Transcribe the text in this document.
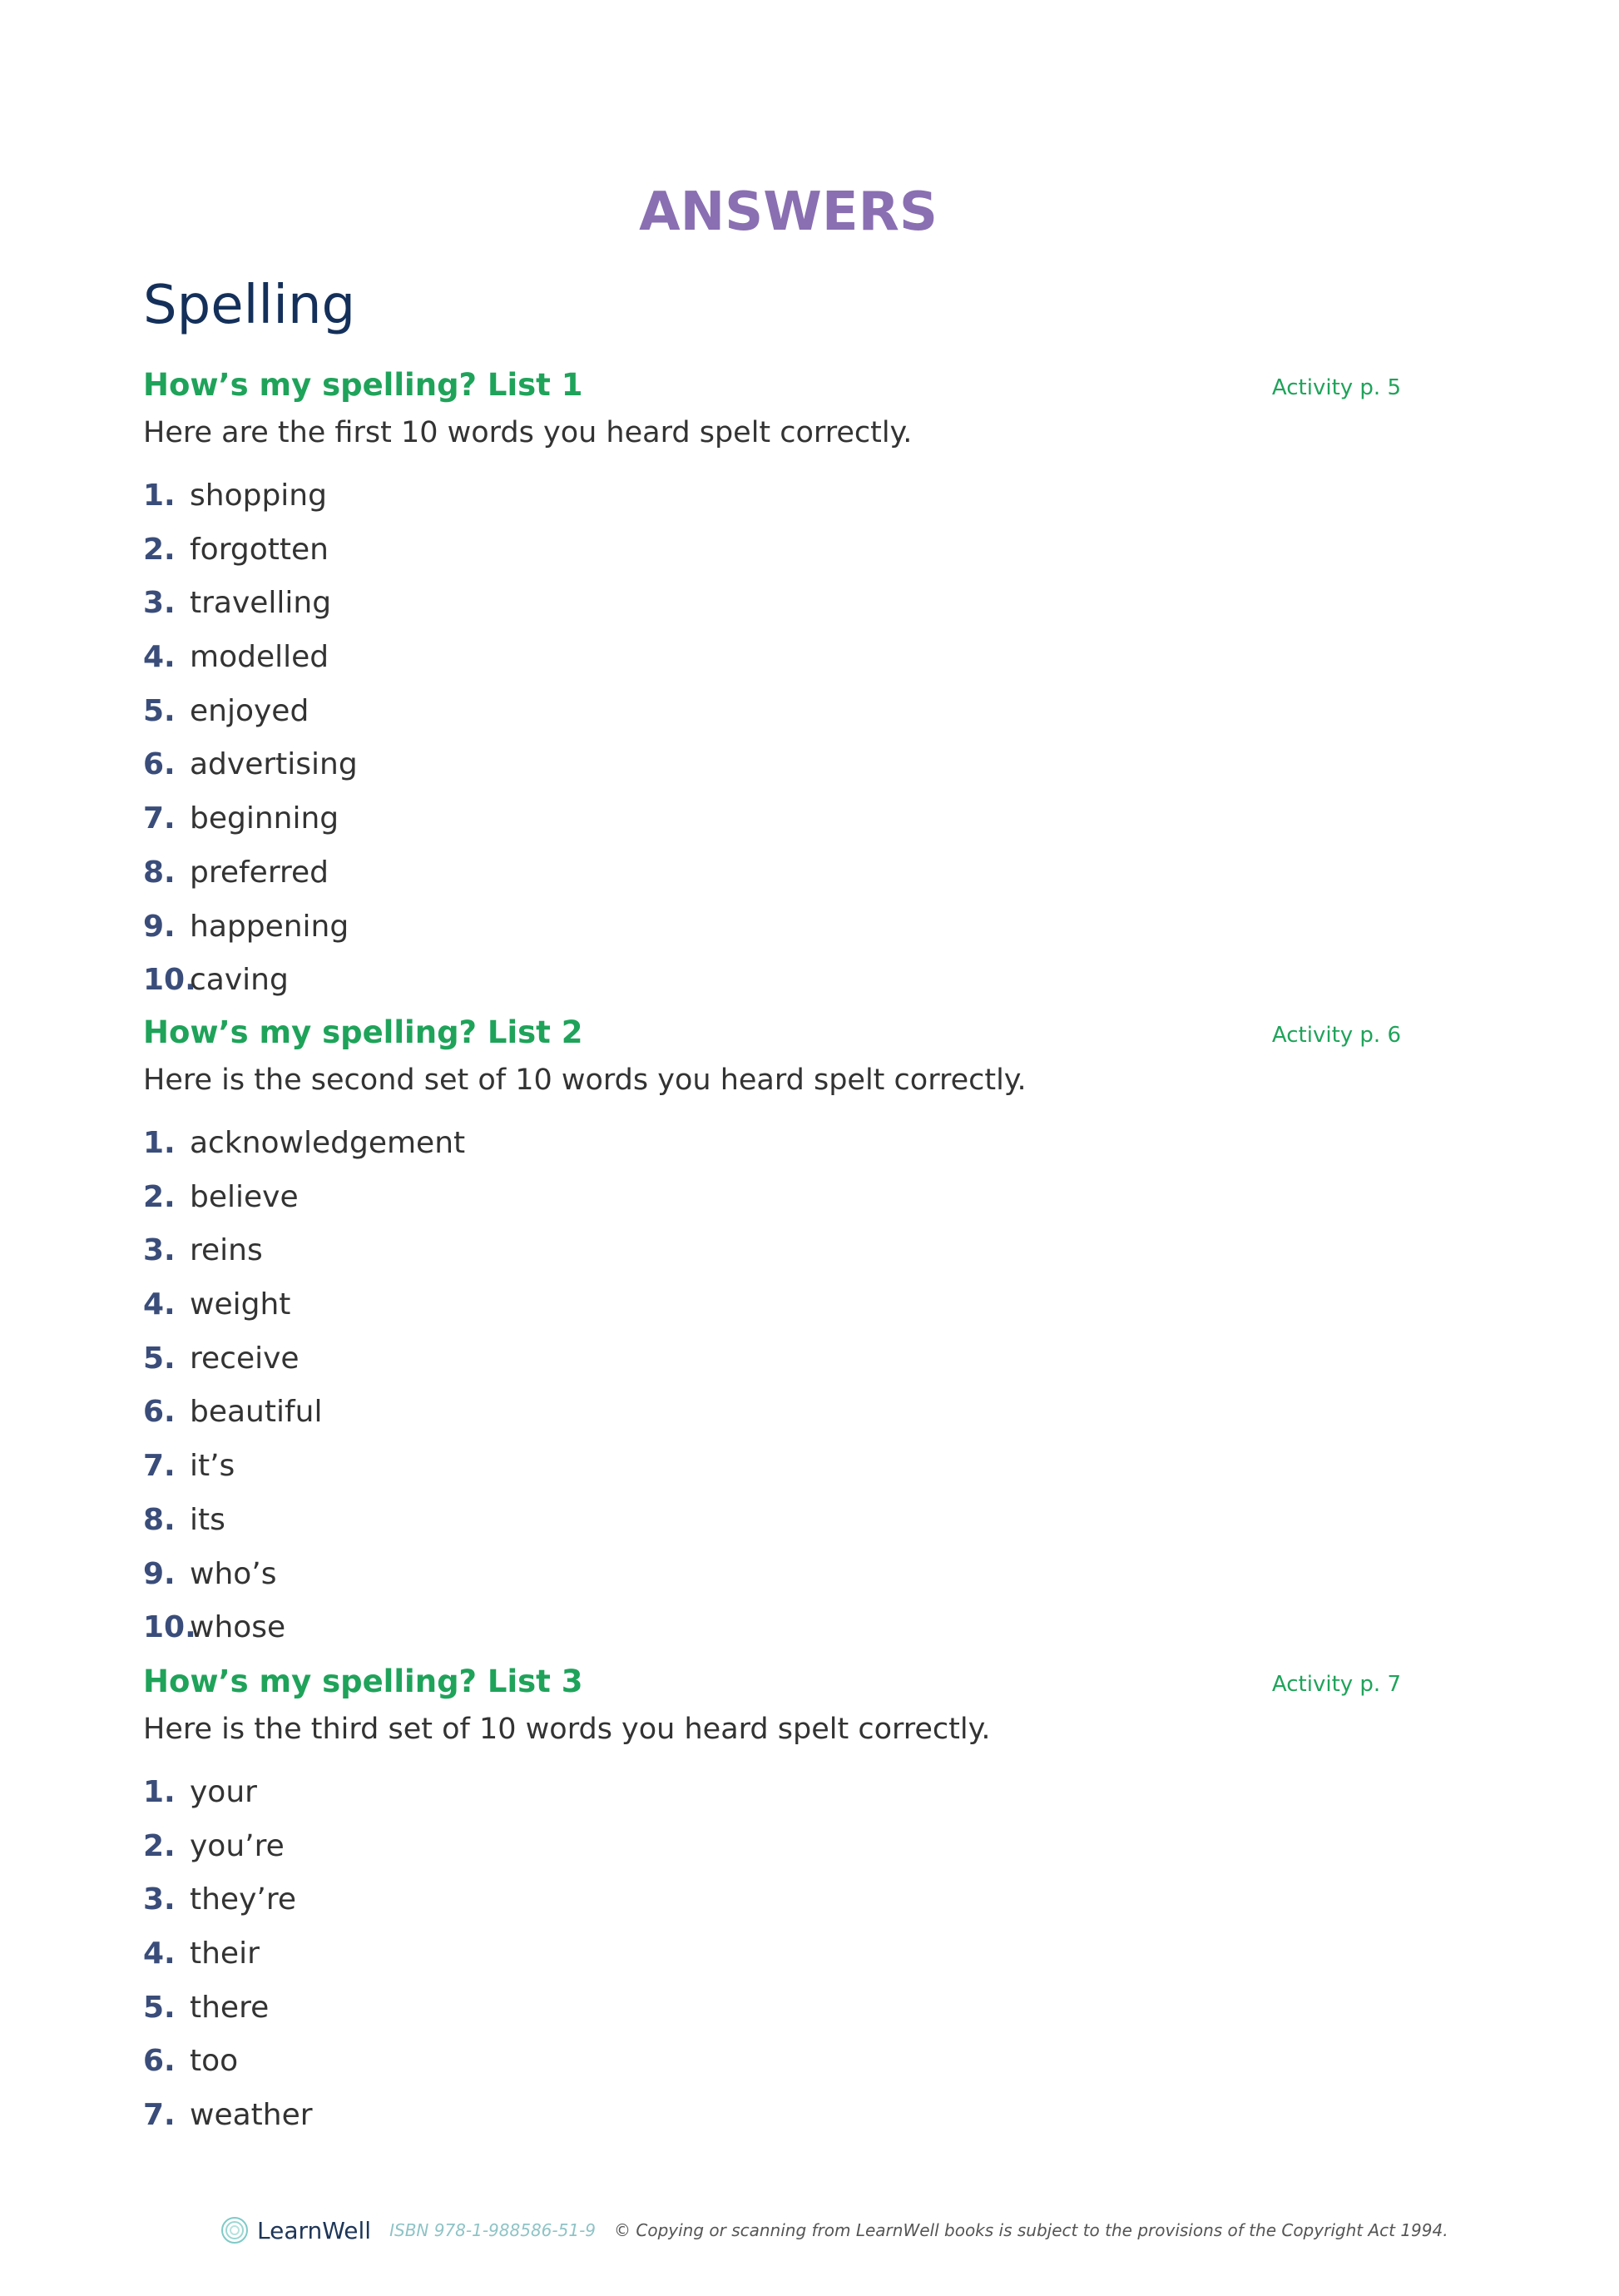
ANSWERS
Spelling
How’s my spelling? List 1	Activity p. 5

Here are the first 10 words you heard spelt correctly.

1. shopping
2. forgotten
3. travelling
4. modelled
5. enjoyed
6. advertising
7. beginning
8. preferred
9. happening
10.
caving
How’s my spelling? List 2	Activity p. 6

Here is the second set of 10 words you heard spelt correctly.

1. acknowledgement
2. believe
3. reins
4. weight
5. receive
6. beautiful
7. it’s
8. its
9. who’s
10.
whose
How’s my spelling? List 3	Activity p. 7

Here is the third set of 10 words you heard spelt correctly.

1. your
2. you’re
3. they’re
4. their
5. there
6. too
7. weather
LearnWell ISBN 978-1-988586-51-9 © Copying or scanning from LearnWell books is subject to the provisions of the Copyright Act 1994.
